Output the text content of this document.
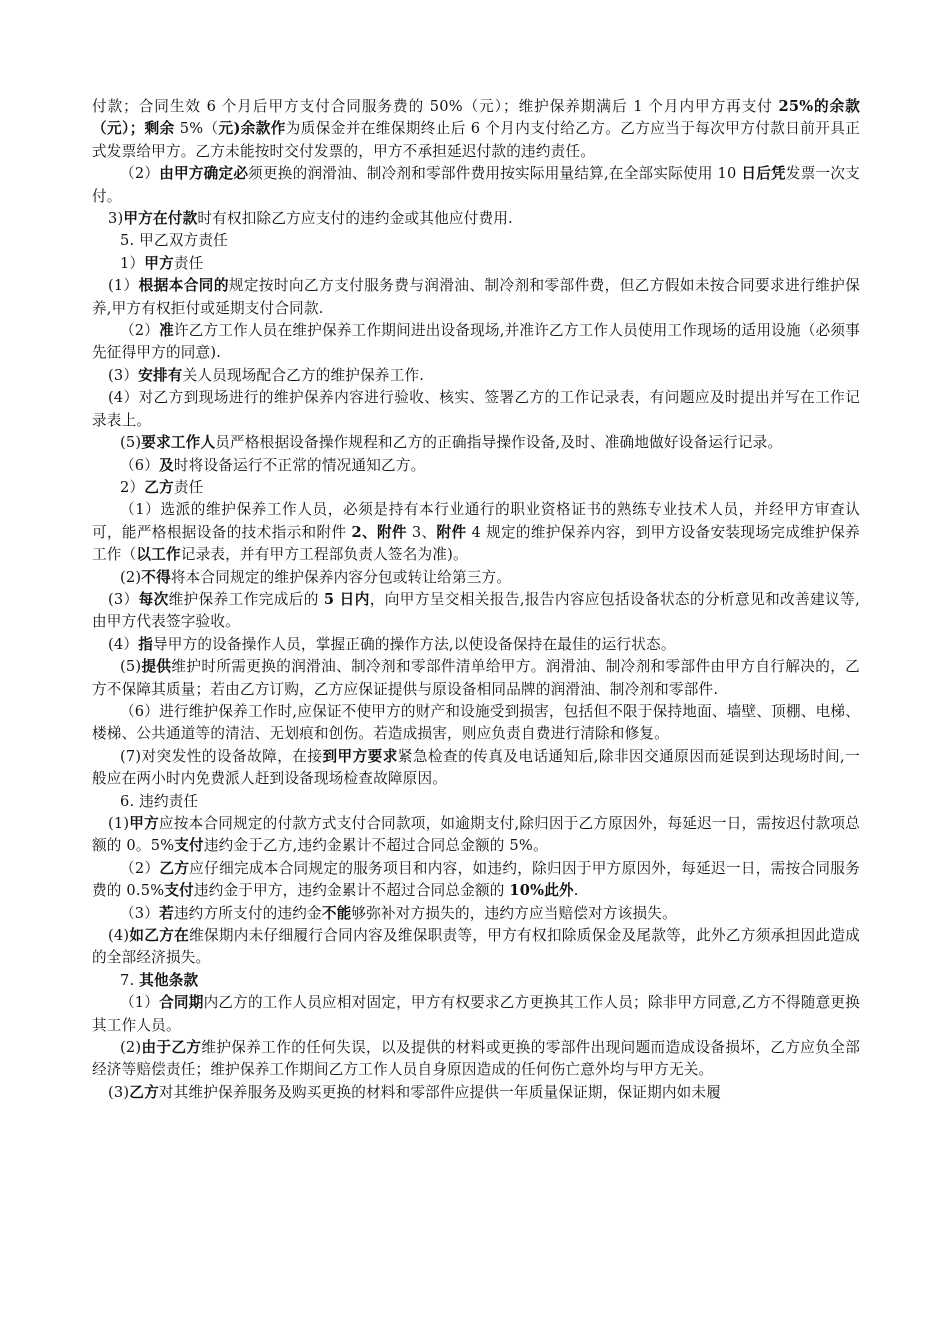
付款；合同生效 6 个月后甲方支付合同服务费的 50%（元）；维护保养期满后 1 个月内甲方再支付 25%的余款（元）；剩余 5%（元)余款作为质保金并在维保期终止后 6 个月内支付给乙方。乙方应当于每次甲方付款日前开具正式发票给甲方。乙方未能按时交付发票的，甲方不承担延迟付款的违约责任。

（2）由甲方确定必须更换的润滑油、制冷剂和零部件费用按实际用量结算,在全部实际使用 10 日后凭发票一次支付。

3)甲方在付款时有权扣除乙方应支付的违约金或其他应付费用.

5. 甲乙双方责任

1）甲方责任

(1）根据本合同的规定按时向乙方支付服务费与润滑油、制冷剂和零部件费，但乙方假如未按合同要求进行维护保养,甲方有权拒付或延期支付合同款.

（2）准许乙方工作人员在维护保养工作期间进出设备现场,并准许乙方工作人员使用工作现场的适用设施（必须事先征得甲方的同意).

(3）安排有关人员现场配合乙方的维护保养工作.

(4）对乙方到现场进行的维护保养内容进行验收、核实、签署乙方的工作记录表，有问题应及时提出并写在工作记录表上。

(5)要求工作人员严格根据设备操作规程和乙方的正确指导操作设备,及时、准确地做好设备运行记录。

（6）及时将设备运行不正常的情况通知乙方。

2）乙方责任

（1）选派的维护保养工作人员，必须是持有本行业通行的职业资格证书的熟练专业技术人员，并经甲方审查认可，能严格根据设备的技术指示和附件 2、附件 3、附件 4 规定的维护保养内容，到甲方设备安装现场完成维护保养工作（以工作记录表，并有甲方工程部负责人签名为准)。

(2)不得将本合同规定的维护保养内容分包或转让给第三方。

(3）每次维护保养工作完成后的 5 日内，向甲方呈交相关报告,报告内容应包括设备状态的分析意见和改善建议等,由甲方代表签字验收。

(4）指导甲方的设备操作人员，掌握正确的操作方法,以使设备保持在最佳的运行状态。

(5)提供维护时所需更换的润滑油、制冷剂和零部件清单给甲方。润滑油、制冷剂和零部件由甲方自行解决的，乙方不保障其质量；若由乙方订购，乙方应保证提供与原设备相同品牌的润滑油、制冷剂和零部件.

（6）进行维护保养工作时,应保证不使甲方的财产和设施受到损害，包括但不限于保持地面、墙壁、顶棚、电梯、楼梯、公共通道等的清洁、无划痕和创伤。若造成损害，则应负责自费进行清除和修复。

(7)对突发性的设备故障，在接到甲方要求紧急检查的传真及电话通知后,除非因交通原因而延误到达现场时间,一般应在两小时内免费派人赶到设备现场检查故障原因。

6. 违约责任

(1)甲方应按本合同规定的付款方式支付合同款项，如逾期支付,除归因于乙方原因外，每延迟一日，需按迟付款项总额的 0。5%支付违约金于乙方,违约金累计不超过合同总金额的 5%。

（2）乙方应仔细完成本合同规定的服务项目和内容，如违约，除归因于甲方原因外，每延迟一日，需按合同服务费的 0.5%支付违约金于甲方，违约金累计不超过合同总金额的 10%此外.

（3）若违约方所支付的违约金不能够弥补对方损失的，违约方应当赔偿对方该损失。

(4)如乙方在维保期内未仔细履行合同内容及维保职责等，甲方有权扣除质保金及尾款等，此外乙方须承担因此造成的全部经济损失。

7. 其他条款

（1）合同期内乙方的工作人员应相对固定，甲方有权要求乙方更换其工作人员；除非甲方同意,乙方不得随意更换其工作人员。

(2)由于乙方维护保养工作的任何失误，以及提供的材料或更换的零部件出现问题而造成设备损坏，乙方应负全部经济等赔偿责任；维护保养工作期间乙方工作人员自身原因造成的任何伤亡意外均与甲方无关。

(3)乙方对其维护保养服务及购买更换的材料和零部件应提供一年质量保证期，保证期内如未履
